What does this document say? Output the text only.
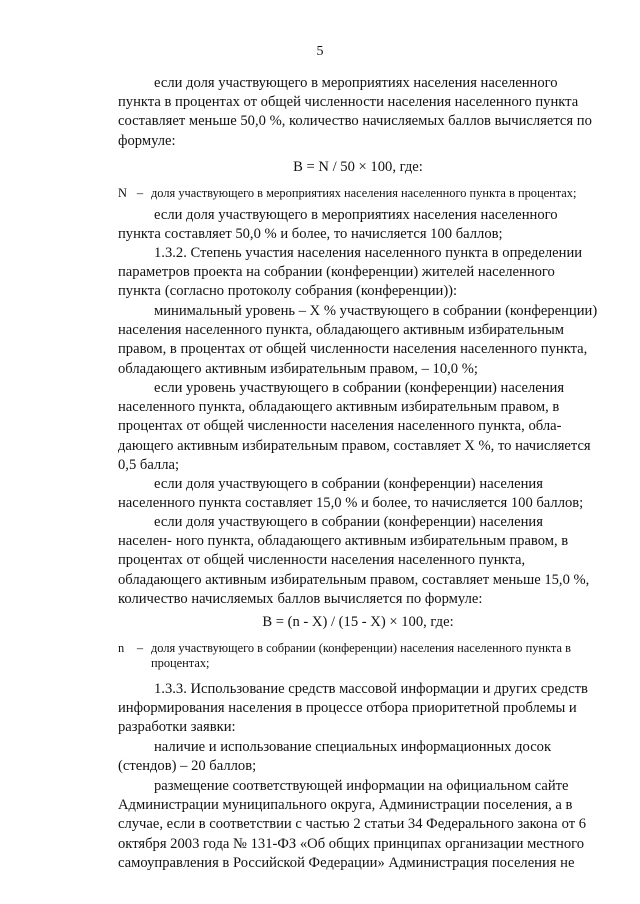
5
если доля участвующего в мероприятиях населения населенного пункта в процентах от общей численности населения населенного пункта составляет меньше 50,0 %, количество начисляемых баллов вычисляется по формуле:
В = N / 50 × 100, где:
N – доля участвующего в мероприятиях населения населенного пункта в процентах;
если доля участвующего в мероприятиях населения населенного пункта составляет 50,0 % и более, то начисляется 100 баллов;
1.3.2. Степень участия населения населенного пункта в определении параметров проекта на собрании (конференции) жителей населенного пункта (согласно протоколу собрания (конференции)):
минимальный уровень – Х % участвующего в собрании (конференции) населения населенного пункта, обладающего активным избирательным правом, в процентах от общей численности населения населенного пункта, обладающего активным избирательным правом, – 10,0 %;
если уровень участвующего в собрании (конференции) населения населенного пункта, обладающего активным избирательным правом, в процентах от общей численности населения населенного пункта, обла- дающего активным избирательным правом, составляет Х %, то начисляется 0,5 балла;
если доля участвующего в собрании (конференции) населения населенного пункта составляет 15,0 % и более, то начисляется 100 баллов;
если доля участвующего в собрании (конференции) населения населен- ного пункта, обладающего активным избирательным правом, в процентах от общей численности населения населенного пункта, обладающего активным избирательным правом, составляет меньше 15,0 %, количество начисляемых баллов вычисляется по формуле:
В = (n - Х) / (15 - Х) × 100, где:
n	– доля участвующего в собрании (конференции) населения населенного пункта в
процентах;
1.3.3. Использование средств массовой информации и других средств информирования населения в процессе отбора приоритетной проблемы и разработки заявки:
наличие и использование специальных информационных досок (стендов) – 20 баллов;
размещение соответствующей информации на официальном сайте Администрации муниципального округа, Администрации поселения, а в случае, если в соответствии с частью 2 статьи 34 Федерального закона от 6 октября 2003 года № 131-ФЗ «Об общих принципах организации местного самоуправления в Российской Федерации» Администрация поселения не
